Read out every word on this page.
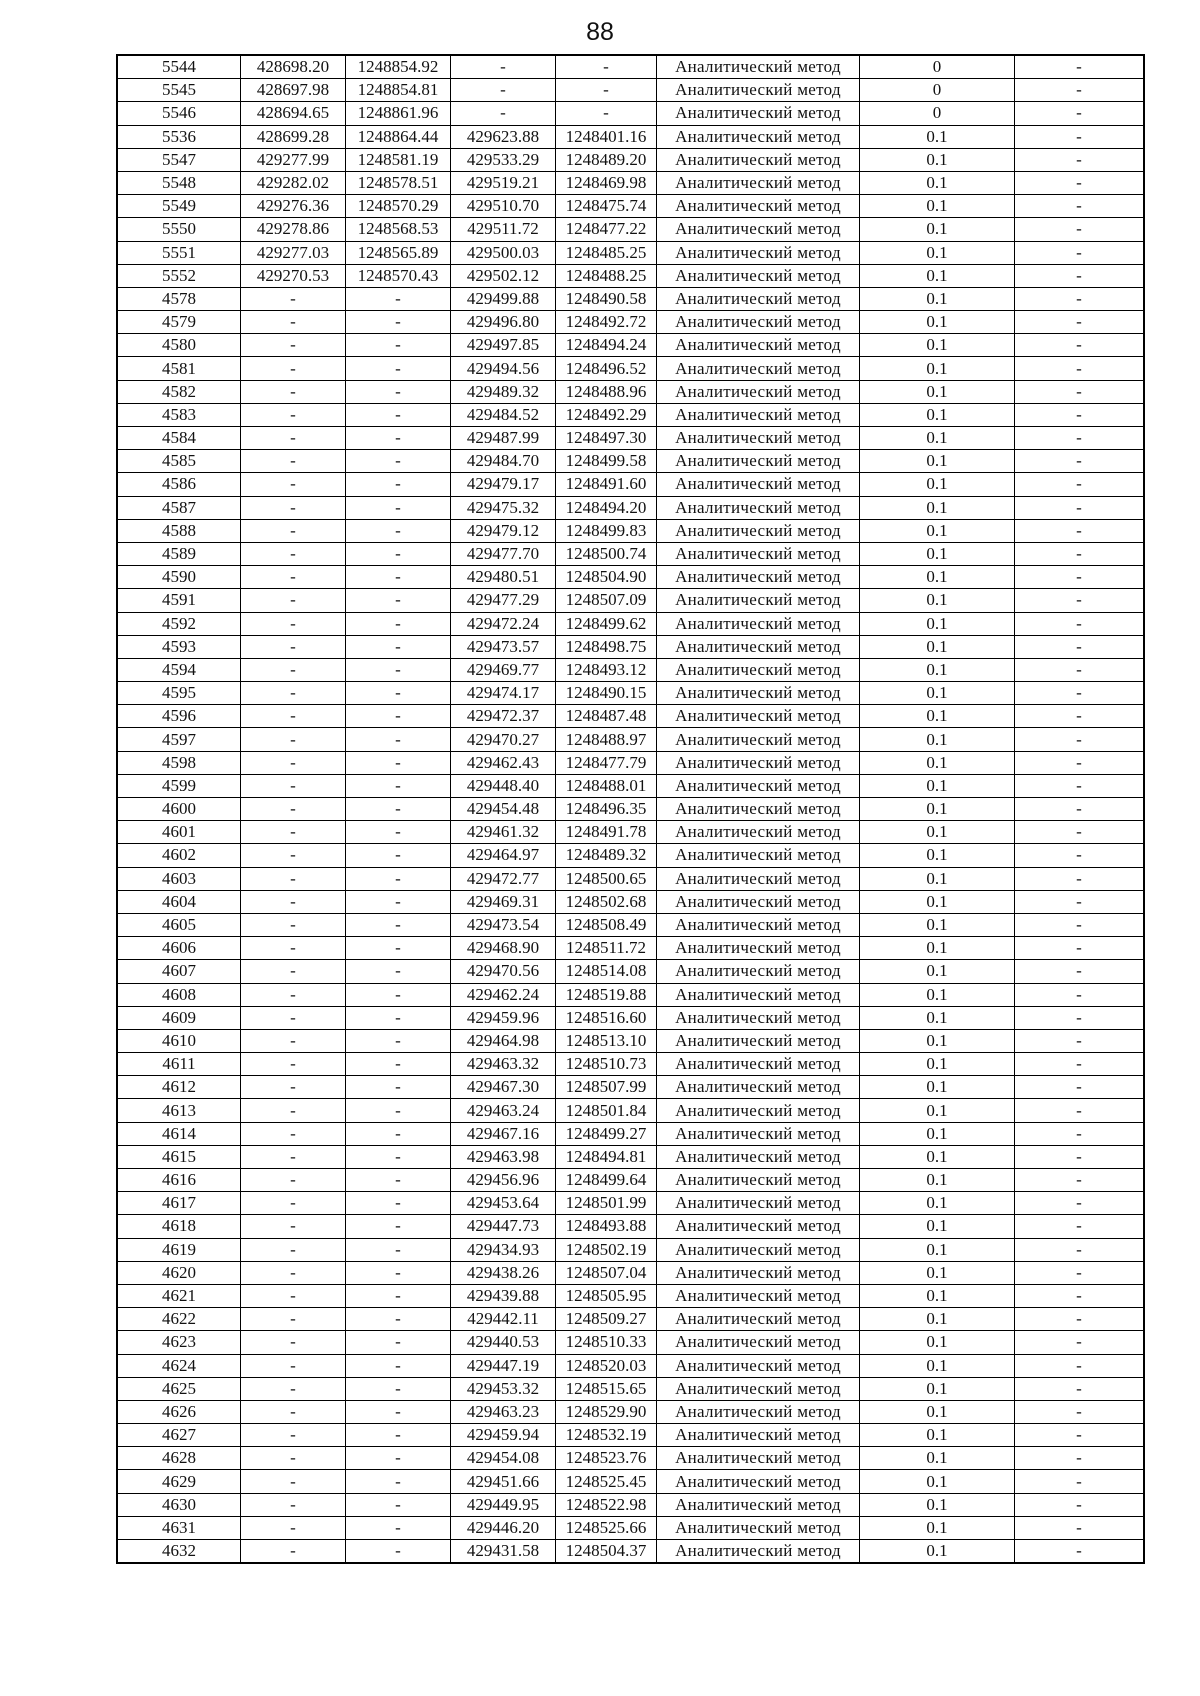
88
5544	428698.20	1248854.92	-	-	Аналитический метод	0	-
5545	428697.98	1248854.81	-	-	Аналитический метод	0	-
5546	428694.65	1248861.96	-	-	Аналитический метод	0	-
5536	428699.28	1248864.44	429623.88	1248401.16	Аналитический метод	0.1	-
5547	429277.99	1248581.19	429533.29	1248489.20	Аналитический метод	0.1	-
5548	429282.02	1248578.51	429519.21	1248469.98	Аналитический метод	0.1	-
5549	429276.36	1248570.29	429510.70	1248475.74	Аналитический метод	0.1	-
5550	429278.86	1248568.53	429511.72	1248477.22	Аналитический метод	0.1	-
5551	429277.03	1248565.89	429500.03	1248485.25	Аналитический метод	0.1	-
5552	429270.53	1248570.43	429502.12	1248488.25	Аналитический метод	0.1	-
4578	-	-	429499.88	1248490.58	Аналитический метод	0.1	-
4579	-	-	429496.80	1248492.72	Аналитический метод	0.1	-
4580	-	-	429497.85	1248494.24	Аналитический метод	0.1	-
4581	-	-	429494.56	1248496.52	Аналитический метод	0.1	-
4582	-	-	429489.32	1248488.96	Аналитический метод	0.1	-
4583	-	-	429484.52	1248492.29	Аналитический метод	0.1	-
4584	-	-	429487.99	1248497.30	Аналитический метод	0.1	-
4585	-	-	429484.70	1248499.58	Аналитический метод	0.1	-
4586	-	-	429479.17	1248491.60	Аналитический метод	0.1	-
4587	-	-	429475.32	1248494.20	Аналитический метод	0.1	-
4588	-	-	429479.12	1248499.83	Аналитический метод	0.1	-
4589	-	-	429477.70	1248500.74	Аналитический метод	0.1	-
4590	-	-	429480.51	1248504.90	Аналитический метод	0.1	-
4591	-	-	429477.29	1248507.09	Аналитический метод	0.1	-
4592	-	-	429472.24	1248499.62	Аналитический метод	0.1	-
4593	-	-	429473.57	1248498.75	Аналитический метод	0.1	-
4594	-	-	429469.77	1248493.12	Аналитический метод	0.1	-
4595	-	-	429474.17	1248490.15	Аналитический метод	0.1	-
4596	-	-	429472.37	1248487.48	Аналитический метод	0.1	-
4597	-	-	429470.27	1248488.97	Аналитический метод	0.1	-
4598	-	-	429462.43	1248477.79	Аналитический метод	0.1	-
4599	-	-	429448.40	1248488.01	Аналитический метод	0.1	-
4600	-	-	429454.48	1248496.35	Аналитический метод	0.1	-
4601	-	-	429461.32	1248491.78	Аналитический метод	0.1	-
4602	-	-	429464.97	1248489.32	Аналитический метод	0.1	-
4603	-	-	429472.77	1248500.65	Аналитический метод	0.1	-
4604	-	-	429469.31	1248502.68	Аналитический метод	0.1	-
4605	-	-	429473.54	1248508.49	Аналитический метод	0.1	-
4606	-	-	429468.90	1248511.72	Аналитический метод	0.1	-
4607	-	-	429470.56	1248514.08	Аналитический метод	0.1	-
4608	-	-	429462.24	1248519.88	Аналитический метод	0.1	-
4609	-	-	429459.96	1248516.60	Аналитический метод	0.1	-
4610	-	-	429464.98	1248513.10	Аналитический метод	0.1	-
4611	-	-	429463.32	1248510.73	Аналитический метод	0.1	-
4612	-	-	429467.30	1248507.99	Аналитический метод	0.1	-
4613	-	-	429463.24	1248501.84	Аналитический метод	0.1	-
4614	-	-	429467.16	1248499.27	Аналитический метод	0.1	-
4615	-	-	429463.98	1248494.81	Аналитический метод	0.1	-
4616	-	-	429456.96	1248499.64	Аналитический метод	0.1	-
4617	-	-	429453.64	1248501.99	Аналитический метод	0.1	-
4618	-	-	429447.73	1248493.88	Аналитический метод	0.1	-
4619	-	-	429434.93	1248502.19	Аналитический метод	0.1	-
4620	-	-	429438.26	1248507.04	Аналитический метод	0.1	-
4621	-	-	429439.88	1248505.95	Аналитический метод	0.1	-
4622	-	-	429442.11	1248509.27	Аналитический метод	0.1	-
4623	-	-	429440.53	1248510.33	Аналитический метод	0.1	-
4624	-	-	429447.19	1248520.03	Аналитический метод	0.1	-
4625	-	-	429453.32	1248515.65	Аналитический метод	0.1	-
4626	-	-	429463.23	1248529.90	Аналитический метод	0.1	-
4627	-	-	429459.94	1248532.19	Аналитический метод	0.1	-
4628	-	-	429454.08	1248523.76	Аналитический метод	0.1	-
4629	-	-	429451.66	1248525.45	Аналитический метод	0.1	-
4630	-	-	429449.95	1248522.98	Аналитический метод	0.1	-
4631	-	-	429446.20	1248525.66	Аналитический метод	0.1	-
4632	-	-	429431.58	1248504.37	Аналитический метод	0.1	-
